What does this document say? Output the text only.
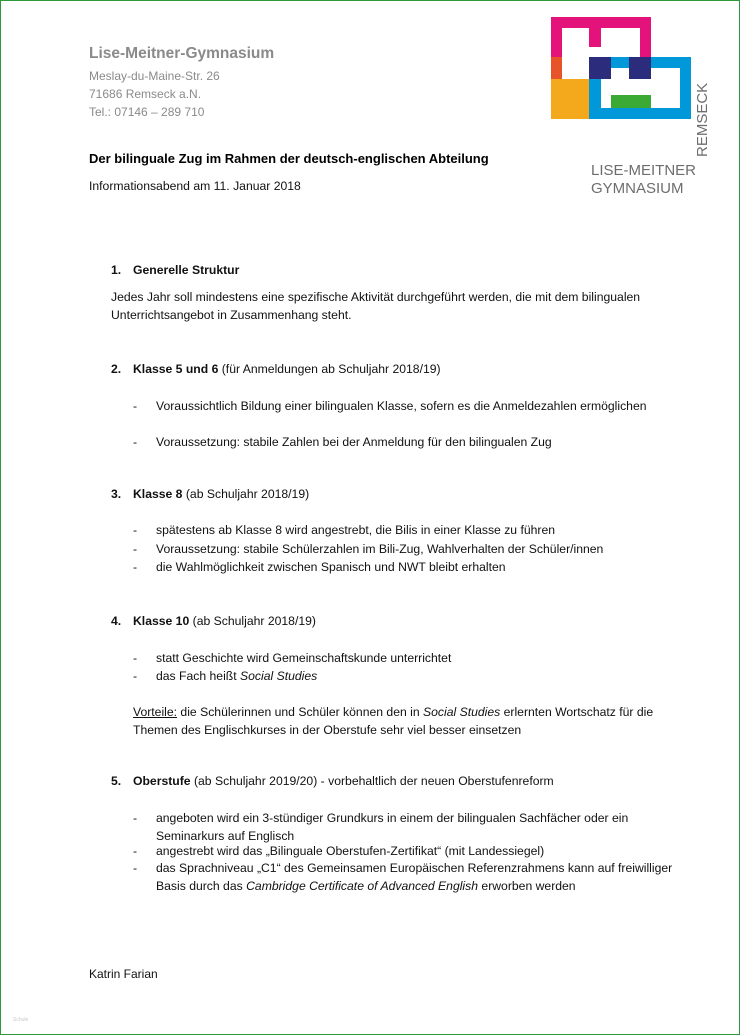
Lise-Meitner-Gymnasium
Meslay-du-Maine-Str. 26
71686 Remseck a.N.
Tel.: 07146 – 289 710	REMSECK
LISE-MEITNER
GYMNASIUM
Der bilinguale Zug im Rahmen der deutsch-englischen Abteilung
Informationsabend am 11. Januar 2018
1. Generelle Struktur
Jedes Jahr soll mindestens eine spezifische Aktivität durchgeführt werden, die mit dem bilingualen Unterrichtsangebot in Zusammenhang steht.
2. Klasse 5 und 6 (für Anmeldungen ab Schuljahr 2018/19)
- Voraussichtlich Bildung einer bilingualen Klasse, sofern es die Anmeldezahlen ermöglichen
- Voraussetzung: stabile Zahlen bei der Anmeldung für den bilingualen Zug
3. Klasse 8 (ab Schuljahr 2018/19)
- spätestens ab Klasse 8 wird angestrebt, die Bilis in einer Klasse zu führen
- Voraussetzung: stabile Schülerzahlen im Bili-Zug, Wahlverhalten der Schüler/innen
- die Wahlmöglichkeit zwischen Spanisch und NWT bleibt erhalten
4. Klasse 10 (ab Schuljahr 2018/19)
- statt Geschichte wird Gemeinschaftskunde unterrichtet
- das Fach heißt Social Studies
Vorteile: die Schülerinnen und Schüler können den in Social Studies erlernten Wortschatz für die Themen des Englischkurses in der Oberstufe sehr viel besser einsetzen
5. Oberstufe (ab Schuljahr 2019/20) - vorbehaltlich der neuen Oberstufenreform
- angeboten wird ein 3-stündiger Grundkurs in einem der bilingualen Sachfächer oder ein Seminarkurs auf Englisch
- angestrebt wird das „Bilinguale Oberstufen-Zertifikat“ (mit Landessiegel)
- das Sprachniveau „C1“ des Gemeinsamen Europäischen Referenzrahmens kann auf freiwilliger Basis durch das Cambridge Certificate of Advanced English erworben werden
Katrin Farian
Schule
